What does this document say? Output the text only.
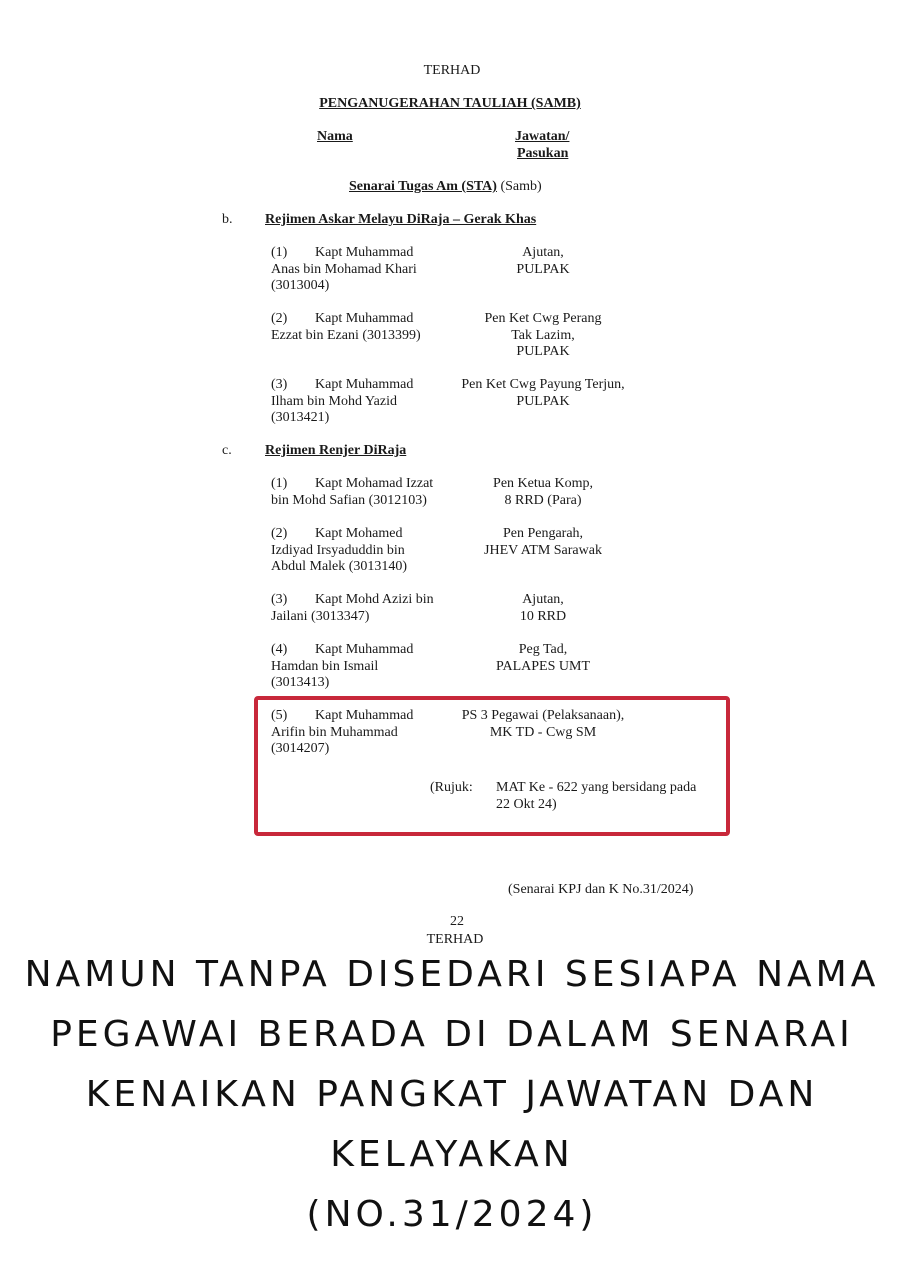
TERHAD
PENGANUGERAHAN TAULIAH (SAMB)
Nama	Jawatan/
Pasukan
Senarai Tugas Am (STA) (Samb)
b. Rejimen Askar Melayu DiRaja – Gerak Khas
(1) Kapt Muhammad
Anas bin Mohamad Khari
(3013004)
Ajutan,
PULPAK
(2) Kapt Muhammad
Ezzat bin Ezani (3013399)
Pen Ket Cwg Perang
Tak Lazim,
PULPAK
(3) Kapt Muhammad
Ilham bin Mohd Yazid
(3013421)
Pen Ket Cwg Payung Terjun,
PULPAK
c. Rejimen Renjer DiRaja
(1) Kapt Mohamad Izzat
bin Mohd Safian (3012103)
Pen Ketua Komp,
8 RRD (Para)
(2) Kapt Mohamed
Izdiyad Irsyaduddin bin
Abdul Malek (3013140)
Pen Pengarah,
JHEV ATM Sarawak
(3) Kapt Mohd Azizi bin
Jailani (3013347)
Ajutan,
10 RRD
(4) Kapt Muhammad
Hamdan bin Ismail
(3013413)
Peg Tad,
PALAPES UMT
(5) Kapt Muhammad
Arifin bin Muhammad
(3014207)
PS 3 Pegawai (Pelaksanaan),
MK TD - Cwg SM
(Rujuk: MAT Ke - 622 yang bersidang pada
22 Okt 24)
(Senarai KPJ dan K No.31/2024)
22
TERHAD
NAMUN TANPA DISEDARI SESIAPA NAMA
PEGAWAI BERADA DI DALAM SENARAI
KENAIKAN PANGKAT JAWATAN DAN
KELAYAKAN
(NO.31/2024)
